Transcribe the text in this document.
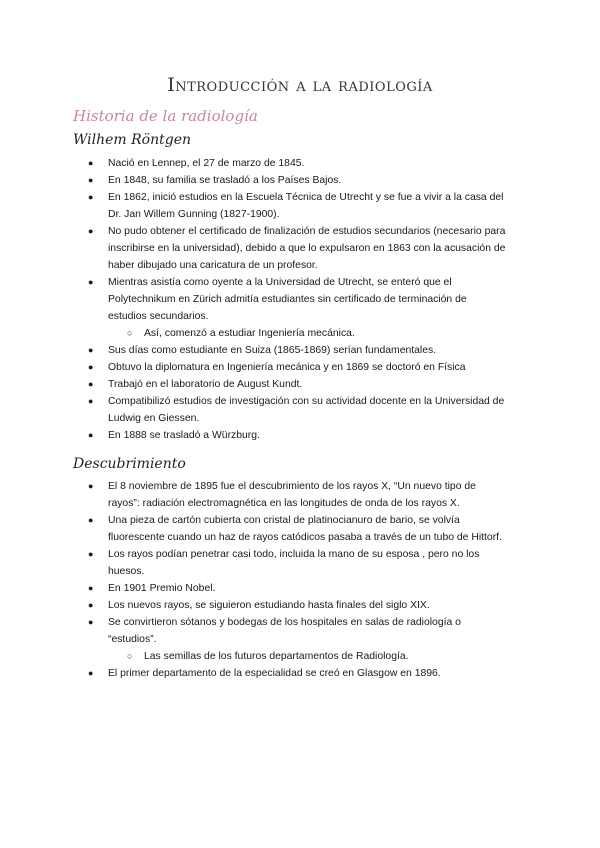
Introducción a la radiología
Historia de la radiología
Wilhem Röntgen
● Nació en Lennep, el 27 de marzo de 1845.
● En 1848, su familia se trasladó a los Países Bajos.
● En 1862, inició estudios en la Escuela Técnica de Utrecht y se fue a vivir a la casa del Dr. Jan Willem Gunning (1827-1900).
● No pudo obtener el certificado de finalización de estudios secundarios (necesario para inscribirse en la universidad), debido a que lo expulsaron en 1863 con la acusación de haber dibujado una caricatura de un profesor.
● Mientras asistía como oyente a la Universidad de Utrecht, se enteró que el Polytechnikum en Zürich admitía estudiantes sin certificado de terminación de estudios secundarios.
○ Así, comenzó a estudiar Ingeniería mecánica.
● Sus días como estudiante en Suiza (1865-1869) serían fundamentales.
● Obtuvo la diplomatura en Ingeniería mecánica y en 1869 se doctoró en Física
● Trabajó en el laboratorio de August Kundt.
● Compatibilizó estudios de investigación con su actividad docente en la Universidad de Ludwig en Giessen.
● En 1888 se trasladó a Würzburg.
Descubrimiento
● El 8 noviembre de 1895 fue el descubrimiento de los rayos X, “Un nuevo tipo de rayos”: radiación electromagnética en las longitudes de onda de los rayos X.
● Una pieza de cartón cubierta con cristal de platinocianuro de bario, se volvía fluorescente cuando un haz de rayos catódicos pasaba a través de un tubo de Hittorf.
● Los rayos podían penetrar casi todo, incluida la mano de su esposa , pero no los huesos.
● En 1901 Premio Nobel.
● Los nuevos rayos, se siguieron estudiando hasta finales del siglo XIX.
● Se convirtieron sótanos y bodegas de los hospitales en salas de radiología o “estudios”.
○ Las semillas de los futuros departamentos de Radiología.
● El primer departamento de la especialidad se creó en Glasgow en 1896.
